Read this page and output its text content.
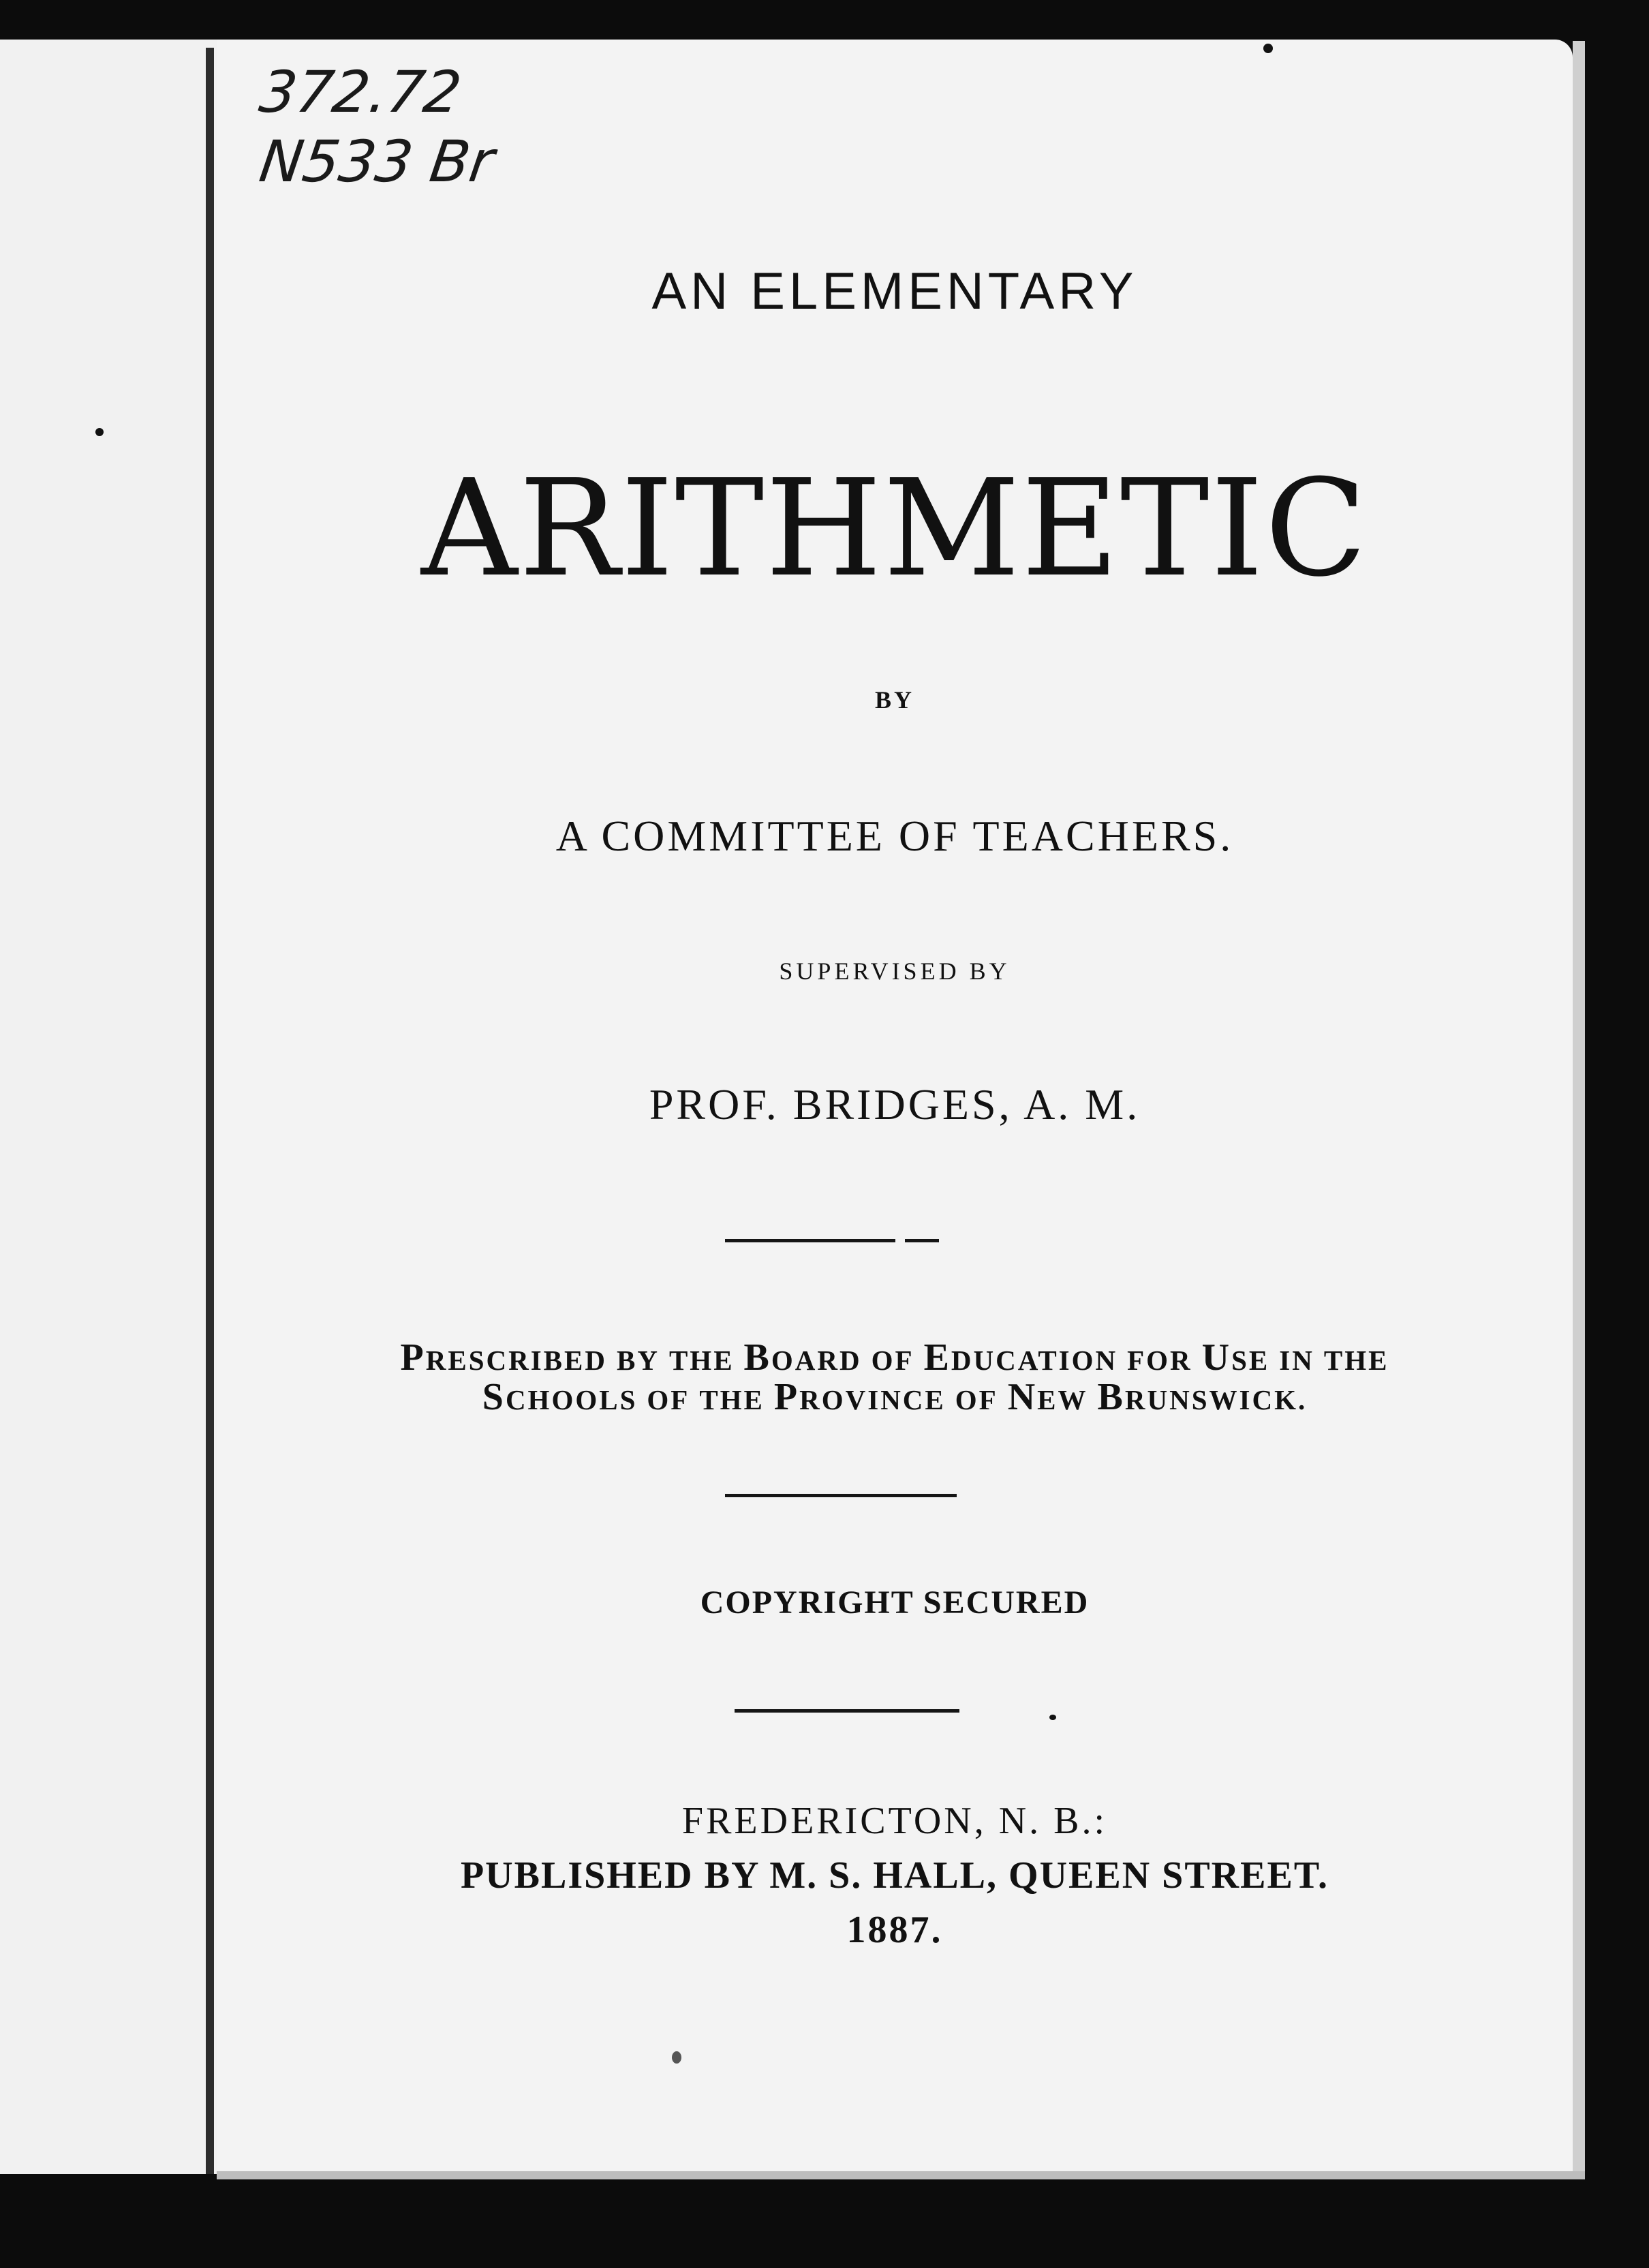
372.72
N533 Br
AN ELEMENTARY
ARITHMETIC
BY
A COMMITTEE OF TEACHERS.
SUPERVISED BY
PROF. BRIDGES, A. M.
PRESCRIBED BY THE BOARD OF EDUCATION FOR USE IN THE
SCHOOLS OF THE PROVINCE OF NEW BRUNSWICK.
COPYRIGHT SECURED
FREDERICTON, N. B.:
PUBLISHED BY M. S. HALL, QUEEN STREET.
1887.
